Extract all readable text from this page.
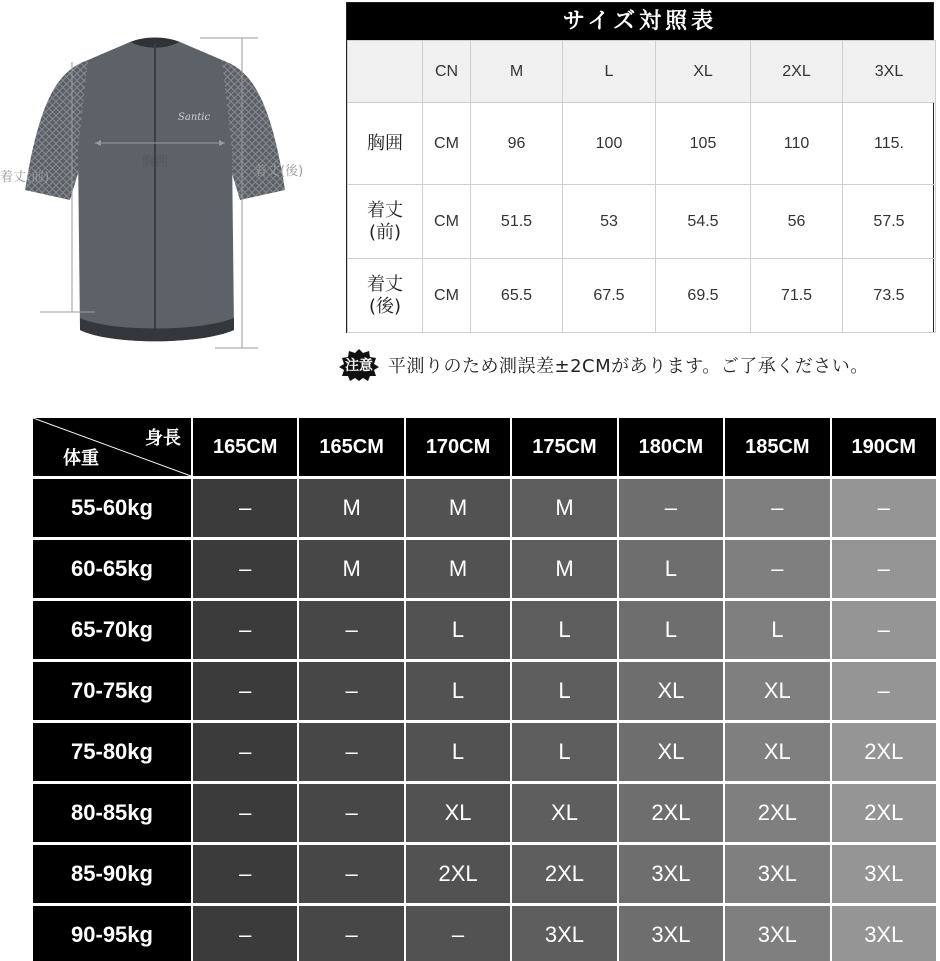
Santic
胸囲
着丈(前)	着丈(後)
サイズ対照表
	CN	M	L	XL	2XL	3XL

胸囲	CM	96	100	105	110	115.

着丈
(前)	CM	51.5	53	54.5	56	57.5

着丈
(後)	CM	65.5	67.5	69.5	71.5	73.5
注意 平測りのため測誤差±2CMがあります。ご了承ください。
身長
体重	165CM	165CM	170CM	175CM	180CM	185CM	190CM
55-60kg	–	M	M	M	–	–	–
60-65kg	–	M	M	M	L	–	–
65-70kg	–	–	L	L	L	L	–
70-75kg	–	–	L	L	XL	XL	–
75-80kg	–	–	L	L	XL	XL	2XL
80-85kg	–	–	XL	XL	2XL	2XL	2XL
85-90kg	–	–	2XL	2XL	3XL	3XL	3XL
90-95kg	–	–	–	3XL	3XL	3XL	3XL
